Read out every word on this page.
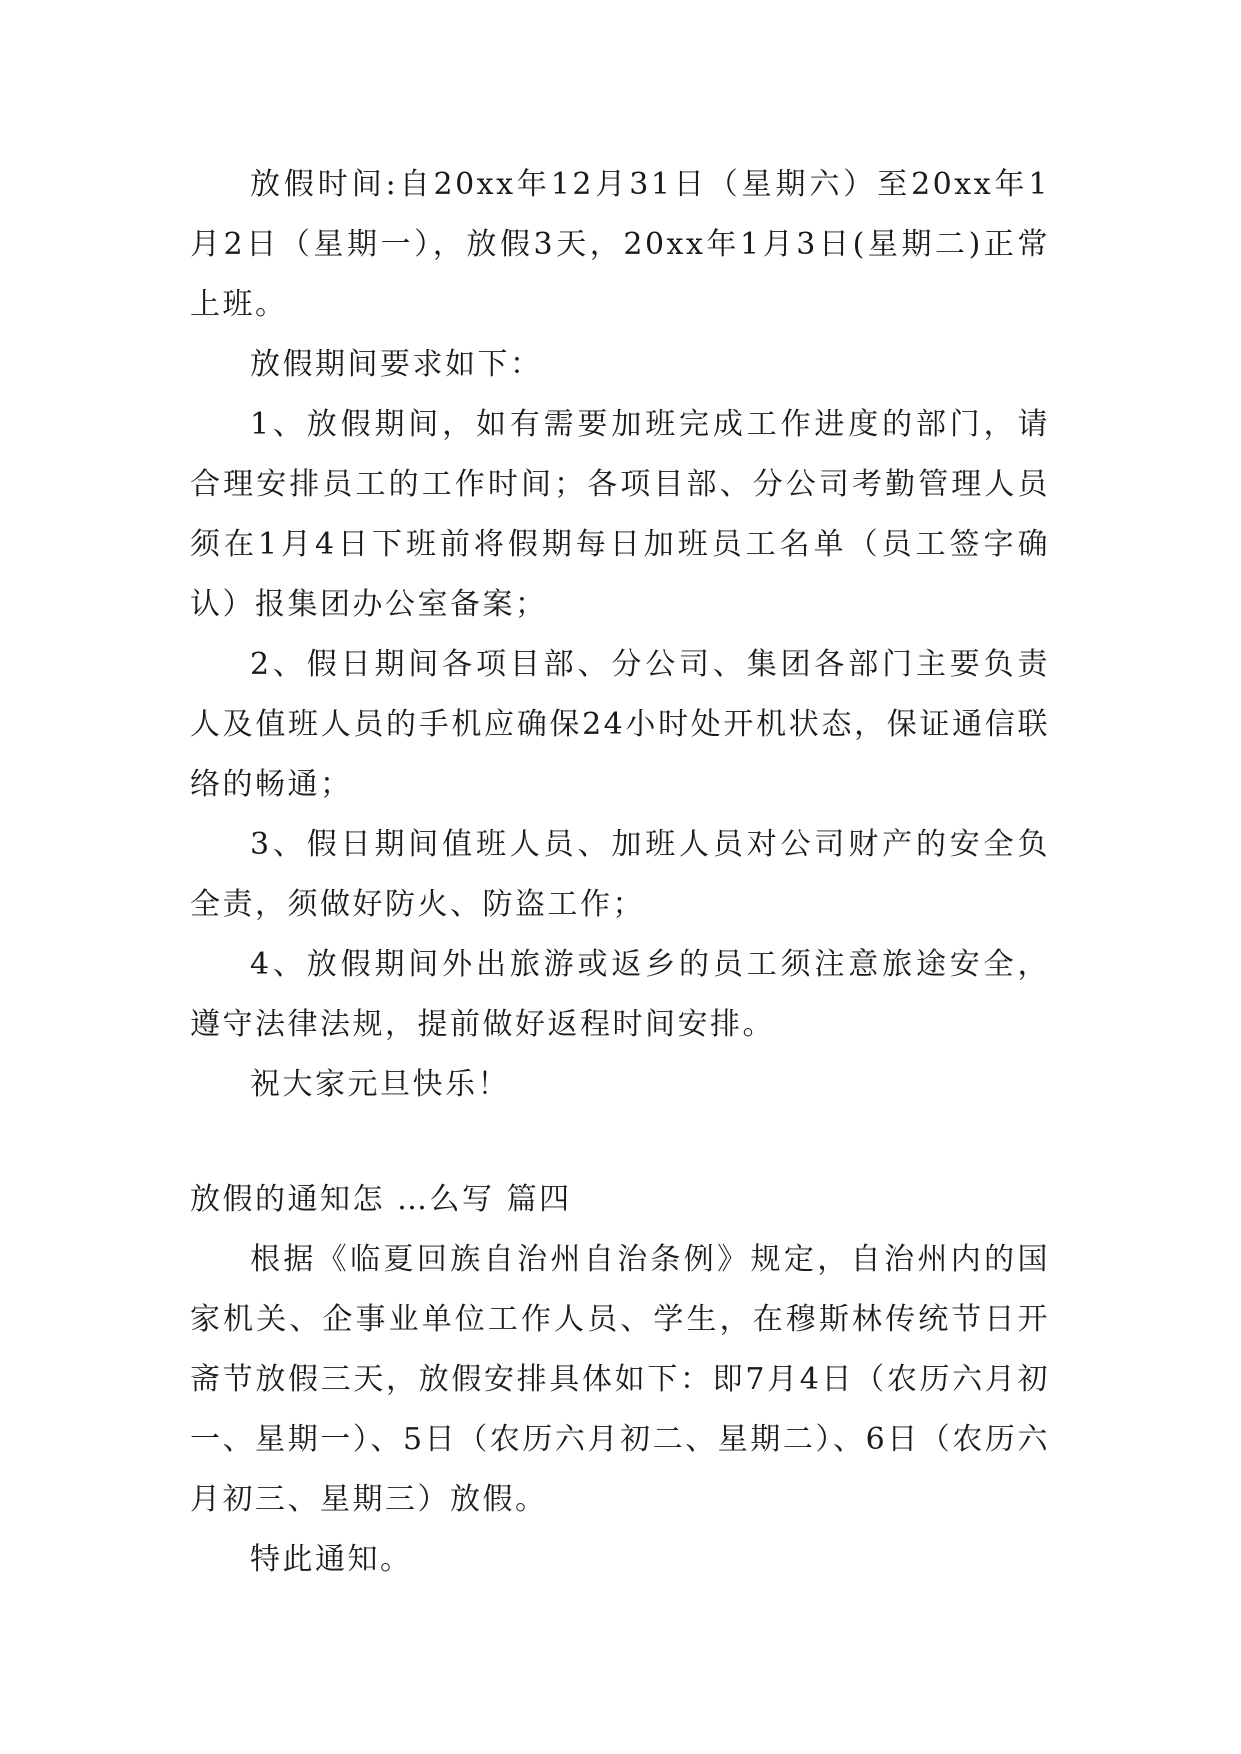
放假时间:自20xx年12月31日（星期六）至20xx年1月2日（星期一），放假3天，20xx年1月3日(星期二)正常上班。

放假期间要求如下：

1、放假期间，如有需要加班完成工作进度的部门，请合理安排员工的工作时间；各项目部、分公司考勤管理人员须在1月4日下班前将假期每日加班员工名单（员工签字确认）报集团办公室备案；

2、假日期间各项目部、分公司、集团各部门主要负责人及值班人员的手机应确保24小时处开机状态，保证通信联络的畅通；

3、假日期间值班人员、加班人员对公司财产的安全负全责，须做好防火、防盗工作；

4、放假期间外出旅游或返乡的员工须注意旅途安全，遵守法律法规，提前做好返程时间安排。

祝大家元旦快乐！

放假的通知怎 …么写 篇四

根据《临夏回族自治州自治条例》规定，自治州内的国家机关、企事业单位工作人员、学生，在穆斯林传统节日开斋节放假三天，放假安排具体如下：即7月4日（农历六月初一、星期一）、5日（农历六月初二、星期二）、6日（农历六月初三、星期三）放假。

特此通知。
